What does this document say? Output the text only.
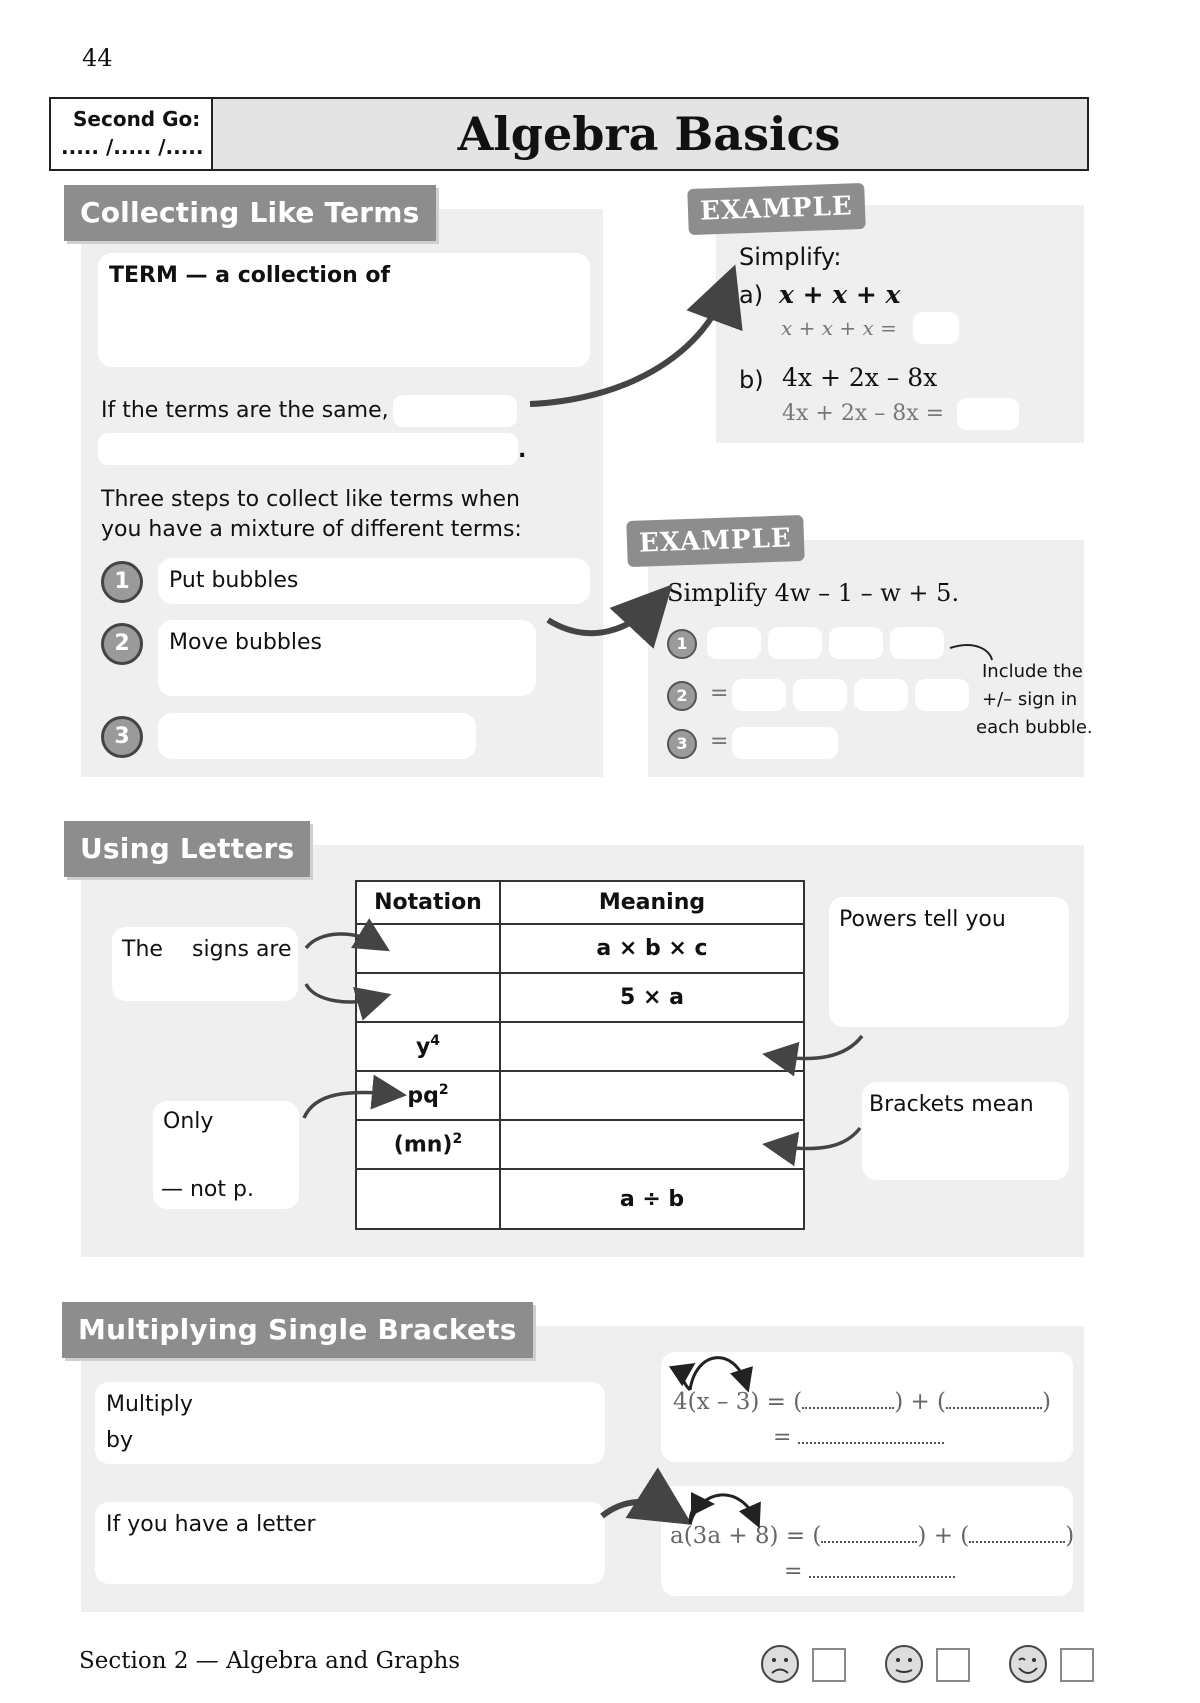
44
Second Go:
..... /..... /.....	Algebra Basics
Collecting Like Terms
TERM — a collection of
If the terms are the same,
.
Three steps to collect like terms when
you have a mixture of different terms:
1	Put bubbles
2	Move bubbles
3
EXAMPLE
Simplify:
a) x + x + x
x + x + x =
b) 4x + 2x – 8x
4x + 2x – 8x =
EXAMPLE
Simplify 4w – 1 – w + 5.
1
2	=
3	=
Include the
+/– sign in
each bubble.
Using Letters
The signs are
Only
— not p.
Powers tell you
Brackets mean
Notation	Meaning
	a × b × c
	5 × a
$y^4$	
$pq^2$	
(mn)$^2$	
	a ÷ b
Multiplying Single Brackets
Multiply
by
If you have a letter
4(x – 3) = (	) + (	)
=
a(3a + 8) = (	) + (	)
=
Section 2 — Algebra and Graphs
